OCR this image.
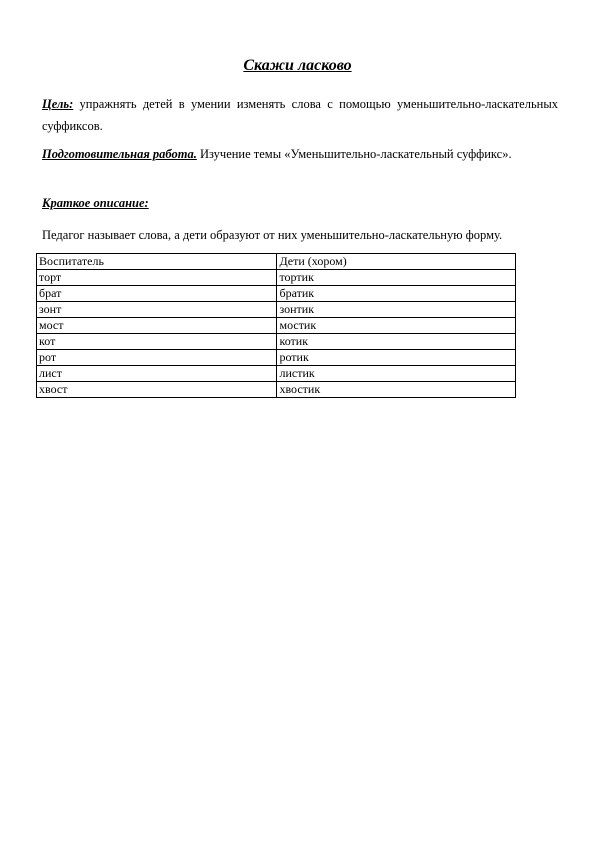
Скажи ласково
Цель: упражнять детей в умении изменять слова с помощью уменьшительно-ласкательных суффиксов.
Подготовительная работа. Изучение темы «Уменьшительно-ласкательный суффикс».
Краткое описание:
Педагог называет слова, а дети образуют от них уменьшительно-ласкательную форму.
Воспитатель	Дети (хором)
торт	тортик
брат	братик
зонт	зонтик
мост	мостик
кот	котик
рот	ротик
лист	листик
хвост	хвостик
